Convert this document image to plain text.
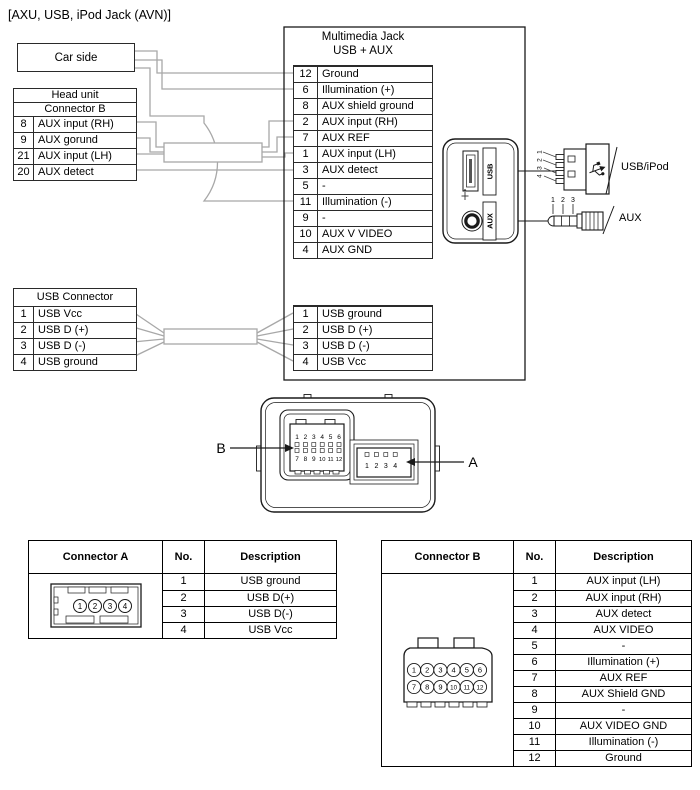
[AXU, USB, iPod Jack (AVN)]
USB
AUX
1
2
3
4
USB/iPod
1 2 3
AUX
1 2 3 4 5 6
7 8 9 10 11 12
1 2 3 4
B
A
Car side
Head unit
Connector B
8	AUX input (RH)
9	AUX gorund
21 AUX input (LH)
20 AUX detect
Multimedia Jack
USB + AUX
12 Ground
6	Illumination (+)
8	AUX shield ground
2	AUX input (RH)
7	AUX REF
1	AUX input (LH)
3	AUX detect
5	-
11 Illumination (-)
9	-
10 AUX V VIDEO
4	AUX GND
1	USB ground
2	USB D (+)
3	USB D (-)
4	USB Vcc
USB Connector
1	USB Vcc
2	USB D (+)
3	USB D (-)
4	USB ground
Connector A	No.	Description
1 2 3 4
1	USB ground
2	USB D(+)
3	USB D(-)
4	USB Vcc
Connector B	No.	Description
1 2 3 4 5 6
7 8 9 10 11 12
1	AUX input (LH)
2	AUX input (RH)
3	AUX detect
4	AUX VIDEO
5	-
6	Illumination (+)
7	AUX REF
8	AUX Shield GND
9	-
10	AUX VIDEO GND
11	Illumination (-)
12	Ground
